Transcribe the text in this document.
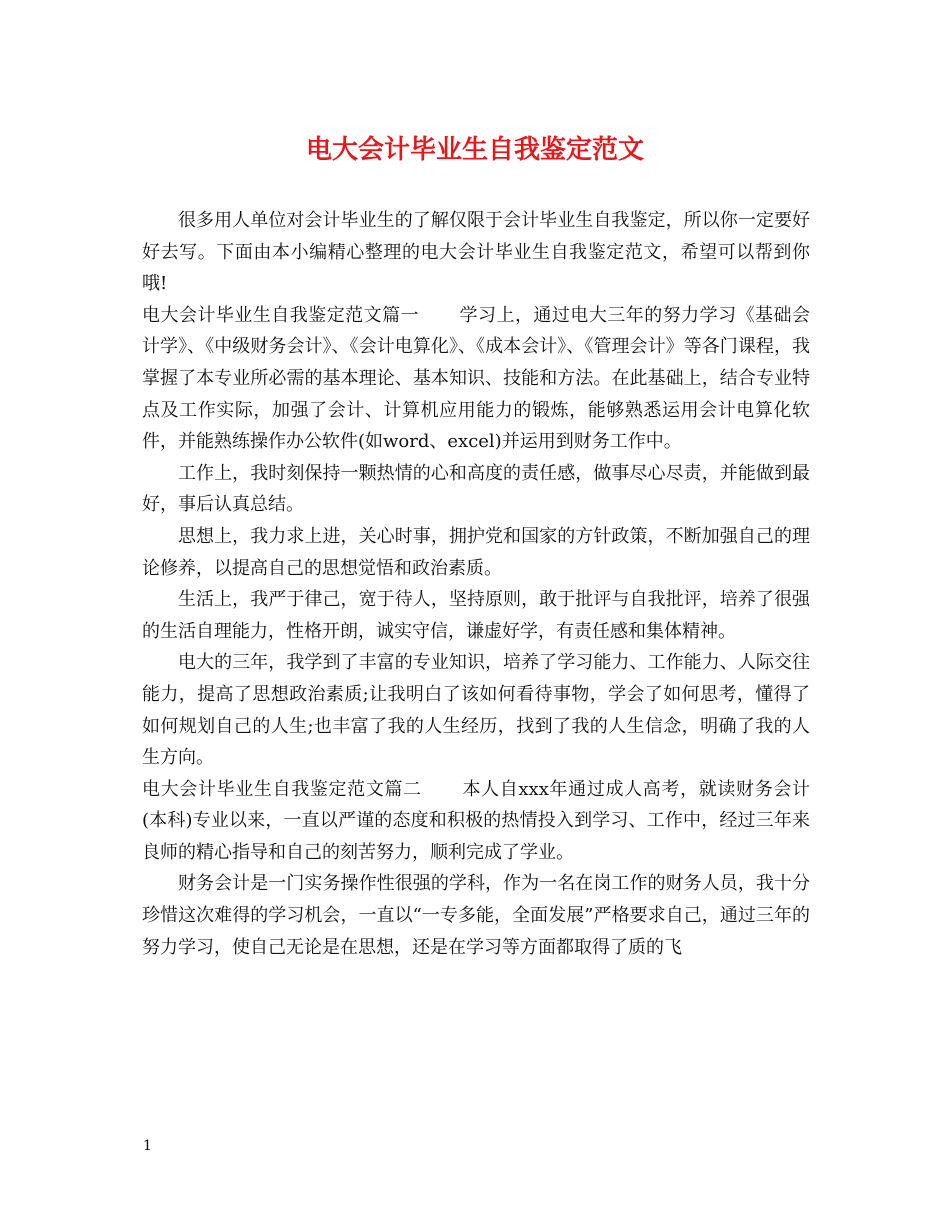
电大会计毕业生自我鉴定范文

很多用人单位对会计毕业生的了解仅限于会计毕业生自我鉴定，所以你一定要好好去写。下面由本小编精心整理的电大会计毕业生自我鉴定范文，希望可以帮到你哦!

电大会计毕业生自我鉴定范文篇一 学习上，通过电大三年的努力学习《基础会计学》、《中级财务会计》、《会计电算化》、《成本会计》、《管理会计》等各门课程，我掌握了本专业所必需的基本理论、基本知识、技能和方法。在此基础上，结合专业特点及工作实际，加强了会计、计算机应用能力的锻炼，能够熟悉运用会计电算化软件，并能熟练操作办公软件(如word、excel)并运用到财务工作中。

工作上，我时刻保持一颗热情的心和高度的责任感，做事尽心尽责，并能做到最好，事后认真总结。

思想上，我力求上进，关心时事，拥护党和国家的方针政策，不断加强自己的理论修养，以提高自己的思想觉悟和政治素质。

生活上，我严于律己，宽于待人，坚持原则，敢于批评与自我批评，培养了很强的生活自理能力，性格开朗，诚实守信，谦虚好学，有责任感和集体精神。

电大的三年，我学到了丰富的专业知识，培养了学习能力、工作能力、人际交往能力，提高了思想政治素质;让我明白了该如何看待事物，学会了如何思考，懂得了如何规划自己的人生;也丰富了我的人生经历，找到了我的人生信念，明确了我的人生方向。

电大会计毕业生自我鉴定范文篇二 本人自xxx年通过成人高考，就读财务会计(本科)专业以来，一直以严谨的态度和积极的热情投入到学习、工作中，经过三年来良师的精心指导和自己的刻苦努力，顺利完成了学业。

财务会计是一门实务操作性很强的学科，作为一名在岗工作的财务人员，我十分珍惜这次难得的学习机会，一直以“一专多能，全面发展”严格要求自己，通过三年的努力学习，使自己无论是在思想，还是在学习等方面都取得了质的飞

1
